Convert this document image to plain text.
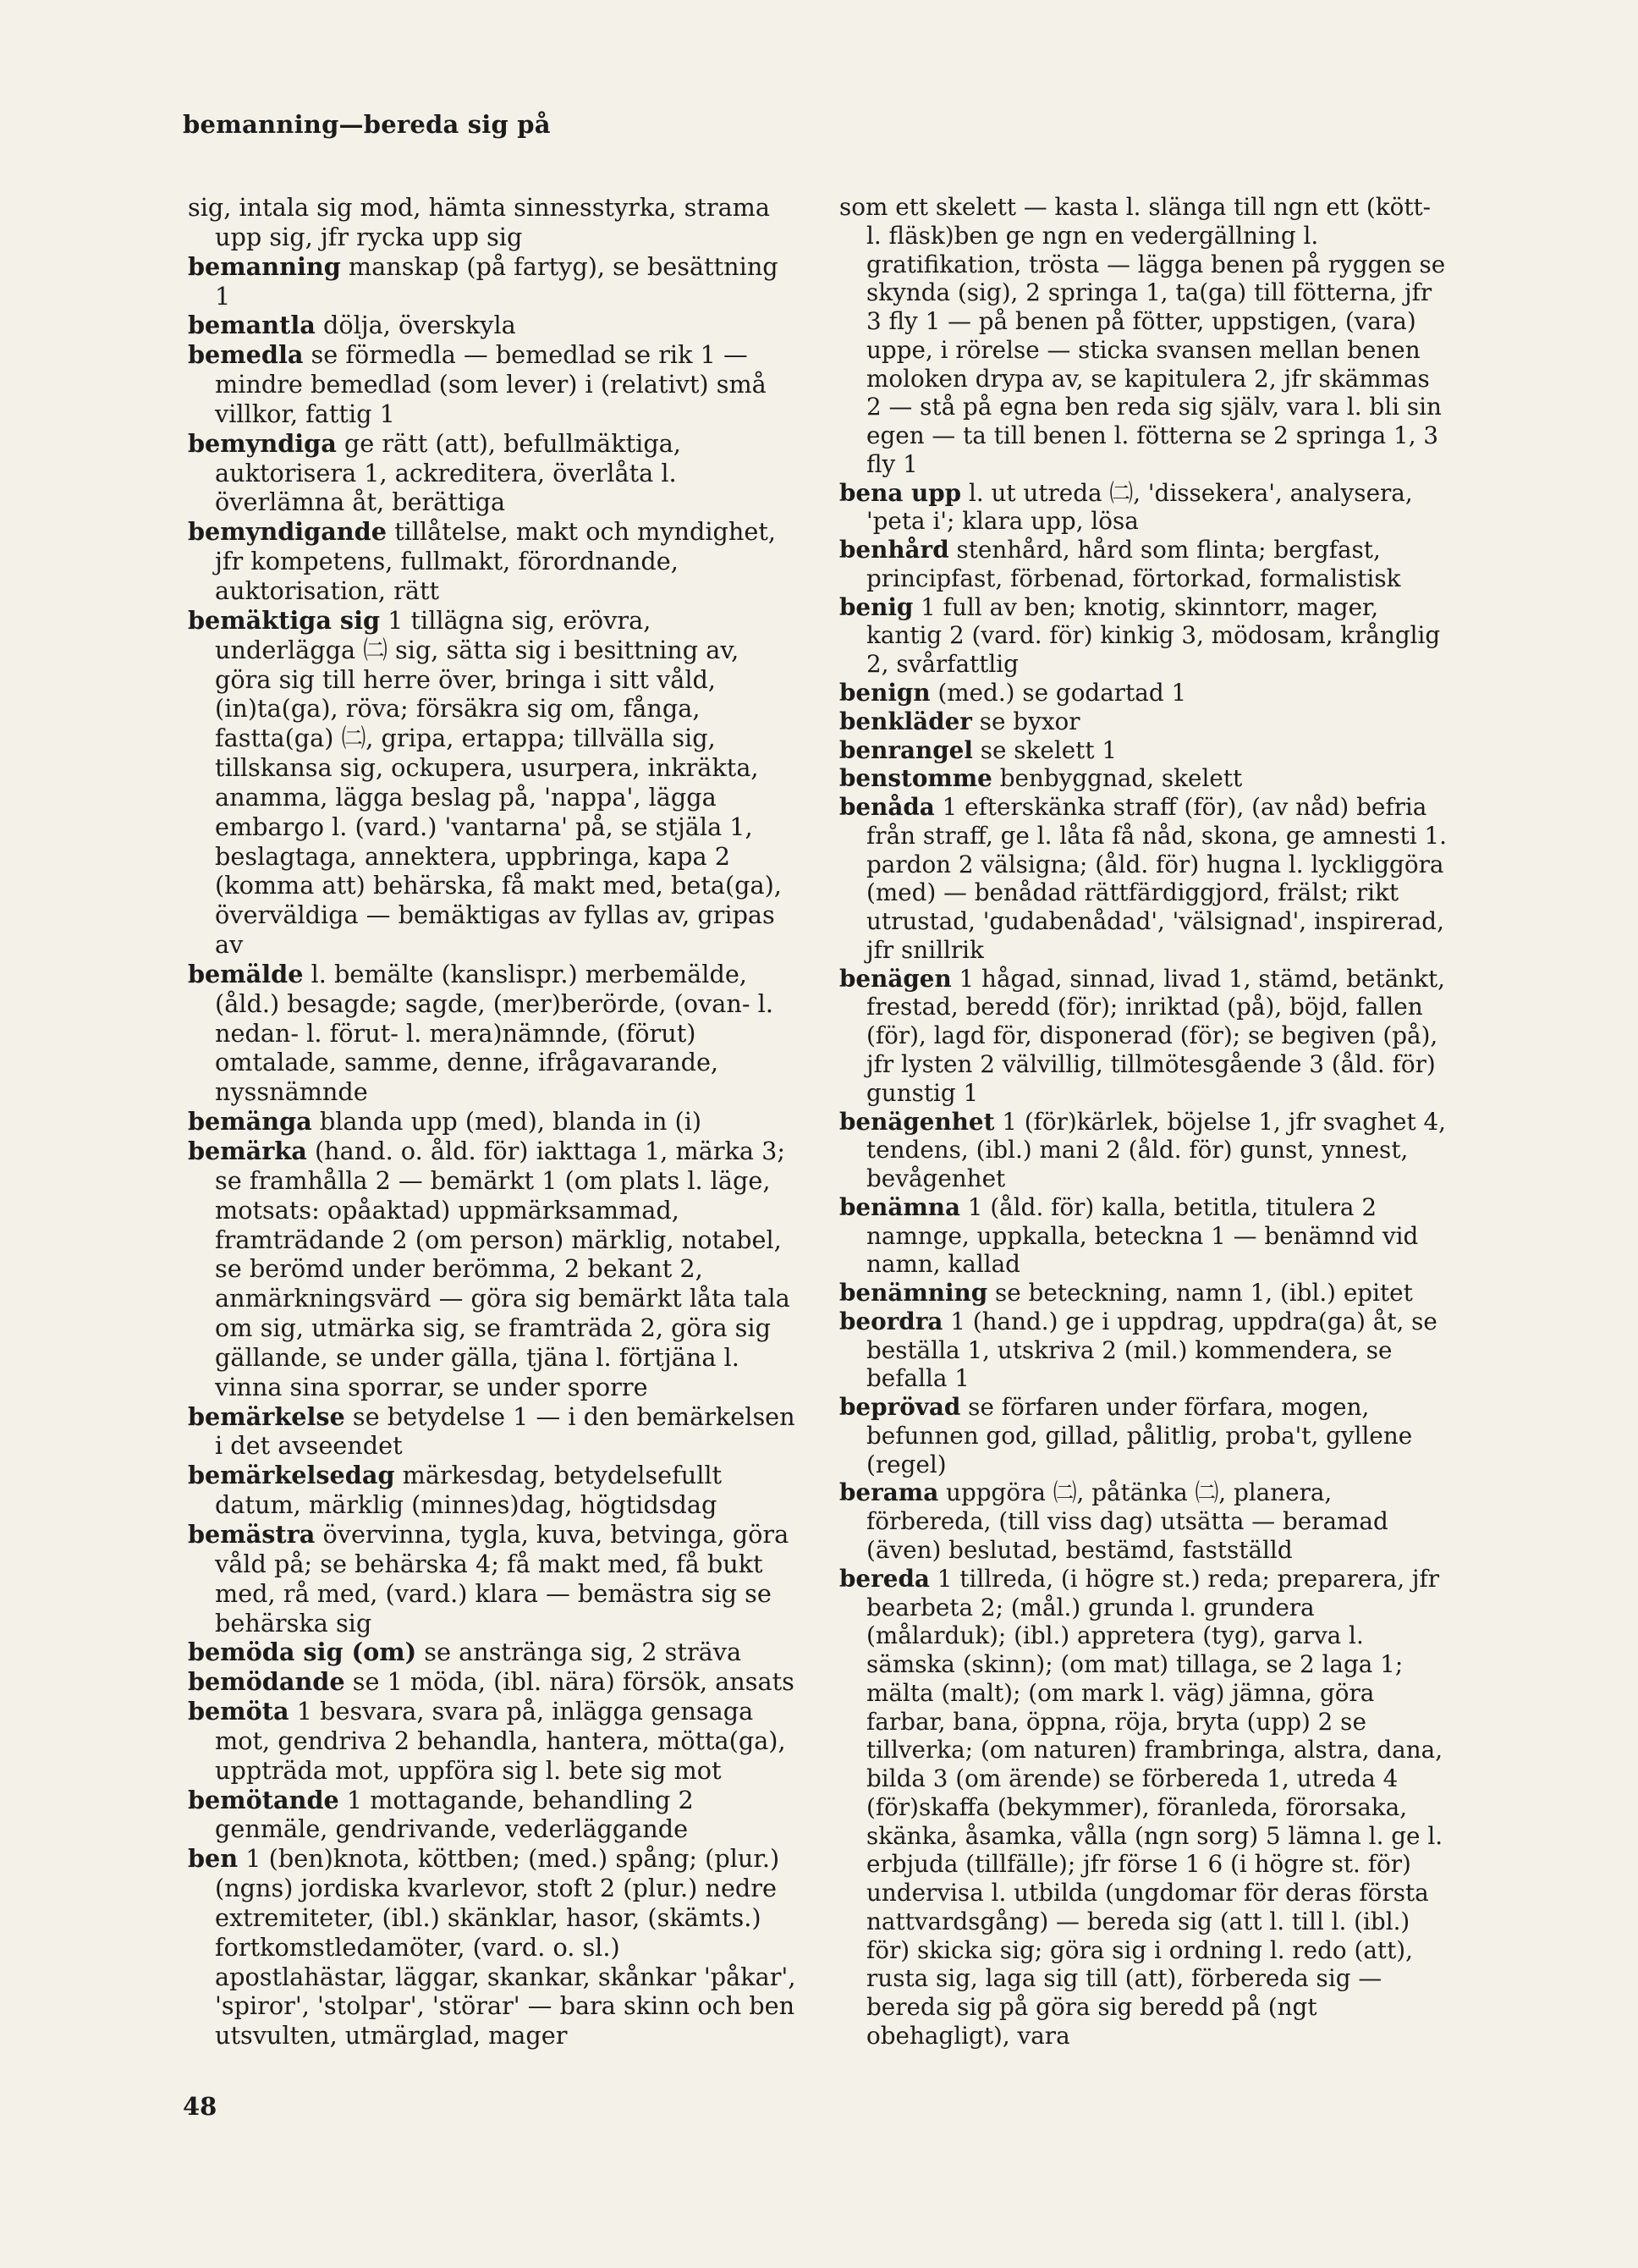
bemanning—bereda sig på

sig, intala sig mod, hämta sinnesstyrka, strama upp sig, jfr rycka upp sig

bemanning manskap (på fartyg), se besättning 1

bemantla dölja, överskyla

bemedla se förmedla — bemedlad se rik 1 — mindre bemedlad (som lever) i (relativt) små villkor, fattig 1

bemyndiga ge rätt (att), befullmäktiga, auktorisera 1, ackreditera, överlåta l. överlämna åt, berättiga

bemyndigande tillåtelse, makt och myndighet, jfr kompetens, fullmakt, förordnande, auktorisation, rätt

bemäktiga sig 1 tillägna sig, erövra, underlägga ㈡ sig, sätta sig i besittning av, göra sig till herre över, bringa i sitt våld, (in)ta(ga), röva; försäkra sig om, fånga, fastta(ga) ㈡, gripa, ertappa; tillvälla sig, tillskansa sig, ockupera, usurpera, inkräkta, anamma, lägga beslag på, 'nappa', lägga embargo l. (vard.) 'vantarna' på, se stjäla 1, beslagtaga, annektera, uppbringa, kapa 2 (komma att) behärska, få makt med, beta(ga), överväldiga — bemäktigas av fyllas av, gripas av

bemälde l. bemälte (kanslispr.) merbemälde, (åld.) besagde; sagde, (mer)berörde, (ovan- l. nedan- l. förut- l. mera)nämnde, (förut) omtalade, samme, denne, ifrågavarande, nyssnämnde

bemänga blanda upp (med), blanda in (i)

bemärka (hand. o. åld. för) iakttaga 1, märka 3; se framhålla 2 — bemärkt 1 (om plats l. läge, motsats: opåaktad) uppmärksammad, framträdande 2 (om person) märklig, notabel, se berömd under berömma, 2 bekant 2, anmärkningsvärd — göra sig bemärkt låta tala om sig, utmärka sig, se framträda 2, göra sig gällande, se under gälla, tjäna l. förtjäna l. vinna sina sporrar, se under sporre

bemärkelse se betydelse 1 — i den bemärkelsen i det avseendet

bemärkelsedag märkesdag, betydelsefullt datum, märklig (minnes)dag, högtidsdag

bemästra övervinna, tygla, kuva, betvinga, göra våld på; se behärska 4; få makt med, få bukt med, rå med, (vard.) klara — bemästra sig se behärska sig

bemöda sig (om) se anstränga sig, 2 sträva

bemödande se 1 möda, (ibl. nära) försök, ansats

bemöta 1 besvara, svara på, inlägga gensaga mot, gendriva 2 behandla, hantera, mötta(ga), uppträda mot, uppföra sig l. bete sig mot

bemötande 1 mottagande, behandling 2 genmäle, gendrivande, vederläggande

ben 1 (ben)knota, köttben; (med.) spång; (plur.) (ngns) jordiska kvarlevor, stoft 2 (plur.) nedre extremiteter, (ibl.) skänklar, hasor, (skämts.) fortkomstledamöter, (vard. o. sl.) apostlahästar, läggar, skankar, skånkar 'påkar', 'spiror', 'stolpar', 'störar' — bara skinn och ben utsvulten, utmärglad, mager

som ett skelett — kasta l. slänga till ngn ett (kött- l. fläsk)ben ge ngn en vedergällning l. gratifikation, trösta — lägga benen på ryggen se skynda (sig), 2 springa 1, ta(ga) till fötterna, jfr 3 fly 1 — på benen på fötter, uppstigen, (vara) uppe, i rörelse — sticka svansen mellan benen moloken drypa av, se kapitulera 2, jfr skämmas 2 — stå på egna ben reda sig själv, vara l. bli sin egen — ta till benen l. fötterna se 2 springa 1, 3 fly 1

bena upp l. ut utreda ㈡, 'dissekera', analysera, 'peta i'; klara upp, lösa

benhård stenhård, hård som flinta; bergfast, principfast, förbenad, förtorkad, formalistisk

benig 1 full av ben; knotig, skinntorr, mager, kantig 2 (vard. för) kinkig 3, mödosam, krånglig 2, svårfattlig

benign (med.) se godartad 1

benkläder se byxor

benrangel se skelett 1

benstomme benbyggnad, skelett

benåda 1 efterskänka straff (för), (av nåd) befria från straff, ge l. låta få nåd, skona, ge amnesti 1. pardon 2 välsigna; (åld. för) hugna l. lyckliggöra (med) — benådad rättfärdiggjord, frälst; rikt utrustad, 'gudabenådad', 'välsignad', inspirerad, jfr snillrik

benägen 1 hågad, sinnad, livad 1, stämd, betänkt, frestad, beredd (för); inriktad (på), böjd, fallen (för), lagd för, disponerad (för); se begiven (på), jfr lysten 2 välvillig, tillmötesgående 3 (åld. för) gunstig 1

benägenhet 1 (för)kärlek, böjelse 1, jfr svaghet 4, tendens, (ibl.) mani 2 (åld. för) gunst, ynnest, bevågenhet

benämna 1 (åld. för) kalla, betitla, titulera 2 namnge, uppkalla, beteckna 1 — benämnd vid namn, kallad

benämning se beteckning, namn 1, (ibl.) epitet

beordra 1 (hand.) ge i uppdrag, uppdra(ga) åt, se beställa 1, utskriva 2 (mil.) kommendera, se befalla 1

beprövad se förfaren under förfara, mogen, befunnen god, gillad, pålitlig, proba't, gyllene (regel)

berama uppgöra ㈡, påtänka ㈡, planera, förbereda, (till viss dag) utsätta — beramad (även) beslutad, bestämd, fastställd

bereda 1 tillreda, (i högre st.) reda; preparera, jfr bearbeta 2; (mål.) grunda l. grundera (målarduk); (ibl.) appretera (tyg), garva l. sämska (skinn); (om mat) tillaga, se 2 laga 1; mälta (malt); (om mark l. väg) jämna, göra farbar, bana, öppna, röja, bryta (upp) 2 se tillverka; (om naturen) frambringa, alstra, dana, bilda 3 (om ärende) se förbereda 1, utreda 4 (för)skaffa (bekymmer), föranleda, förorsaka, skänka, åsamka, vålla (ngn sorg) 5 lämna l. ge l. erbjuda (tillfälle); jfr förse 1 6 (i högre st. för) undervisa l. utbilda (ungdomar för deras första nattvardsgång) — bereda sig (att l. till l. (ibl.) för) skicka sig; göra sig i ordning l. redo (att), rusta sig, laga sig till (att), förbereda sig — bereda sig på göra sig beredd på (ngt obehagligt), vara

48
